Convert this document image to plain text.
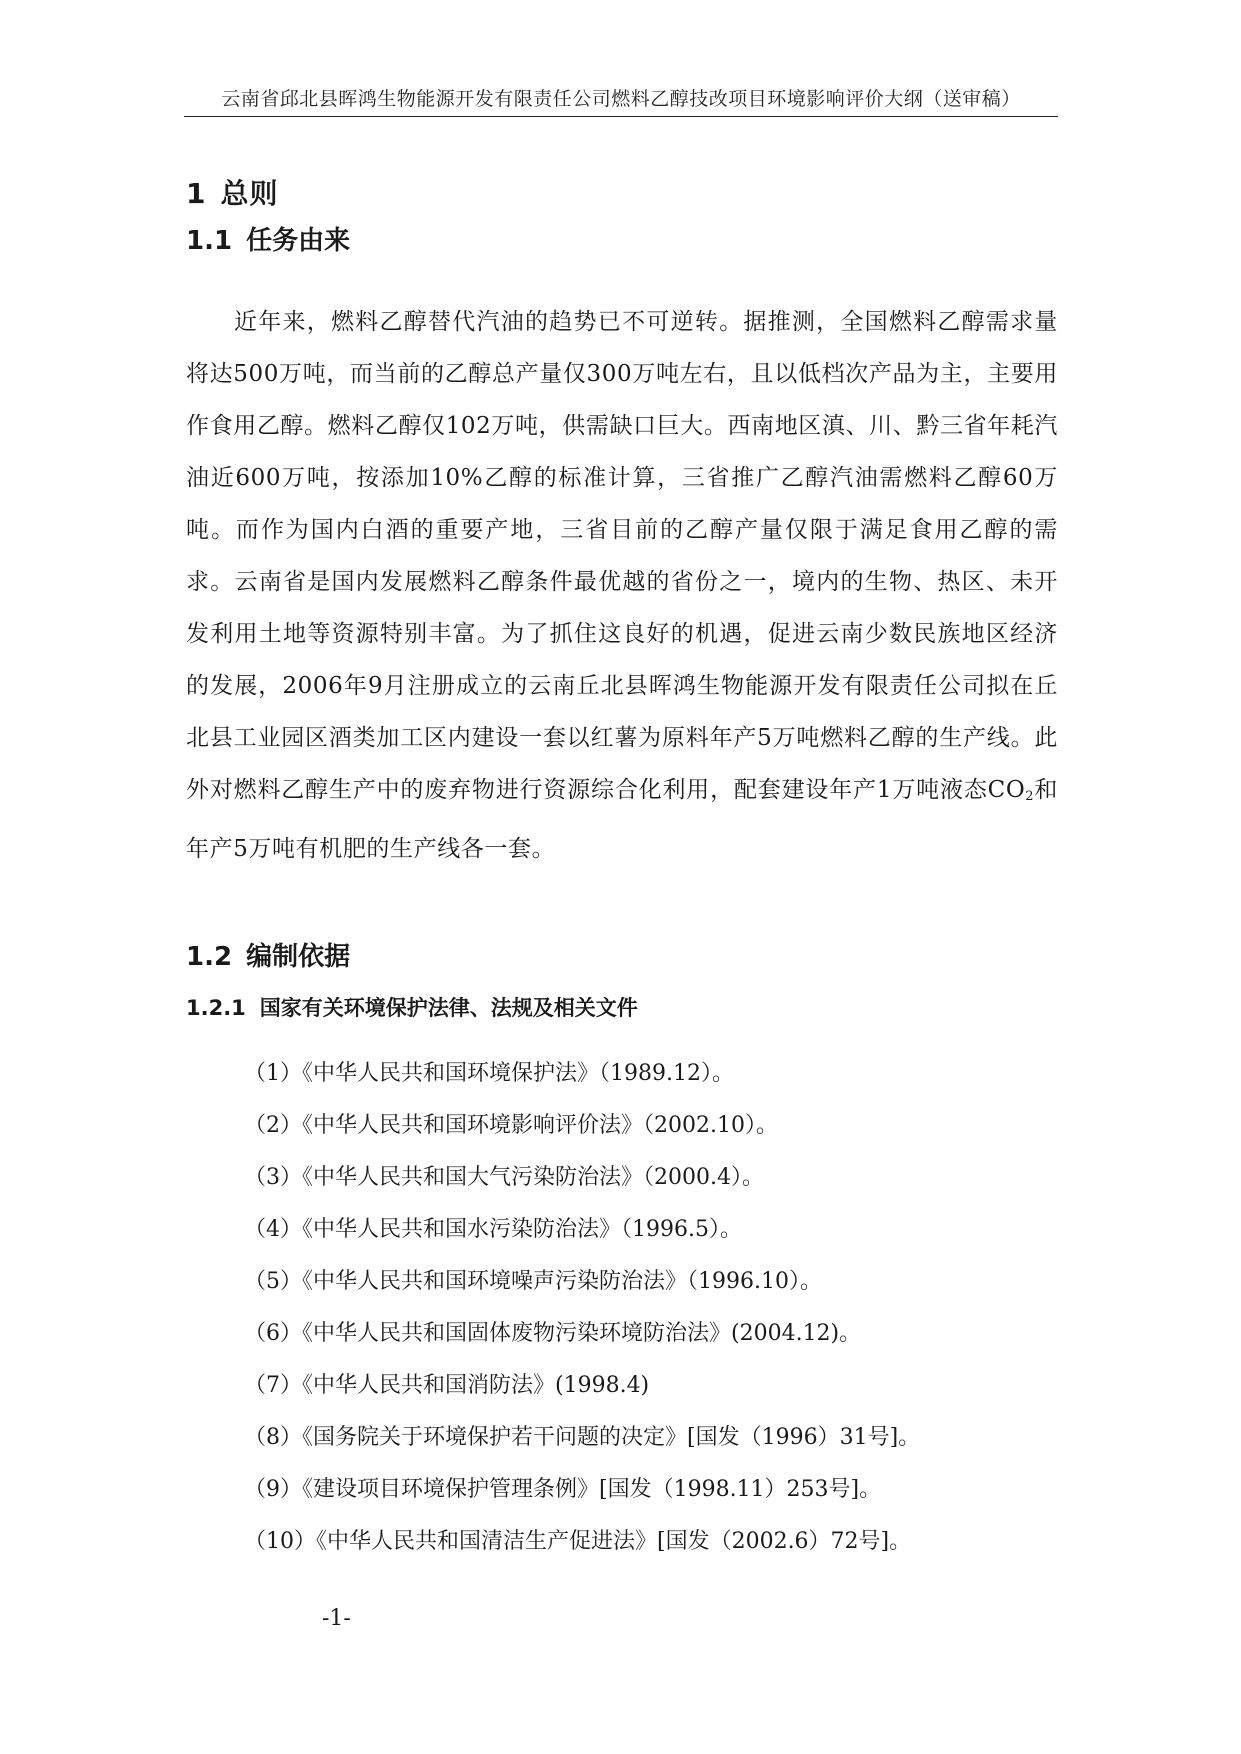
云南省邱北县晖鸿生物能源开发有限责任公司燃料乙醇技改项目环境影响评价大纲（送审稿）
1 总则
1.1 任务由来

近年来，燃料乙醇替代汽油的趋势已不可逆转。据推测，全国燃料乙醇需求量将达500万吨，而当前的乙醇总产量仅300万吨左右，且以低档次产品为主，主要用作食用乙醇。燃料乙醇仅102万吨，供需缺口巨大。西南地区滇、川、黔三省年耗汽油近600万吨，按添加10%乙醇的标准计算，三省推广乙醇汽油需燃料乙醇60万吨。而作为国内白酒的重要产地，三省目前的乙醇产量仅限于满足食用乙醇的需求。云南省是国内发展燃料乙醇条件最优越的省份之一，境内的生物、热区、未开发利用土地等资源特别丰富。为了抓住这良好的机遇，促进云南少数民族地区经济的发展，2006年9月注册成立的云南丘北县晖鸿生物能源开发有限责任公司拟在丘北县工业园区酒类加工区内建设一套以红薯为原料年产5万吨燃料乙醇的生产线。此外对燃料乙醇生产中的废弃物进行资源综合化利用，配套建设年产1万吨液态$CO_2$和年产5万吨有机肥的生产线各一套。

1.2 编制依据
1.2.1 国家有关环境保护法律、法规及相关文件
（1）《中华人民共和国环境保护法》（1989.12）。
（2）《中华人民共和国环境影响评价法》（2002.10）。
（3）《中华人民共和国大气污染防治法》（2000.4）。
（4）《中华人民共和国水污染防治法》（1996.5）。
（5）《中华人民共和国环境噪声污染防治法》（1996.10）。
（6）《中华人民共和国固体废物污染环境防治法》(2004.12)。
（7）《中华人民共和国消防法》(1998.4)
（8）《国务院关于环境保护若干问题的决定》[国发（1996）31号]。
（9）《建设项目环境保护管理条例》[国发（1998.11）253号]。
（10）《中华人民共和国清洁生产促进法》[国发（2002.6）72号]。
-1-
